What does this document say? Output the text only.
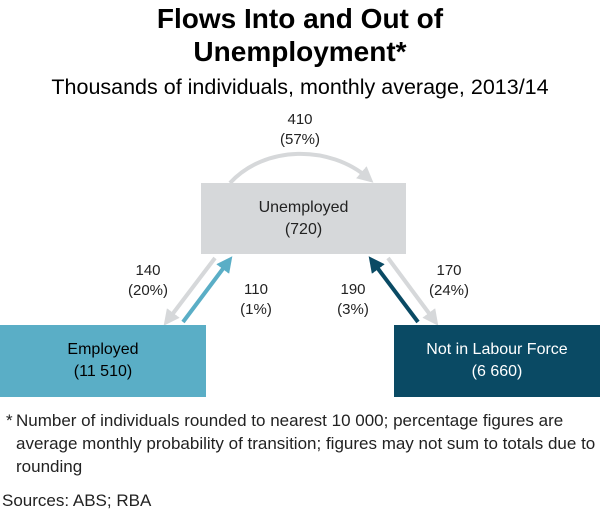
Flows Into and Out of
Unemployment*
Thousands of individuals, monthly average, 2013/14
Unemployed
(720)
Employed
(11 510)
Not in Labour Force
(6 660)
410
(57%)
140
(20%)	110
(1%)
190
(3%)
170
(24%)
* Number of individuals rounded to nearest 10 000; percentage figures are average monthly probability of transition; figures may not sum to totals due to rounding
Sources: ABS; RBA
